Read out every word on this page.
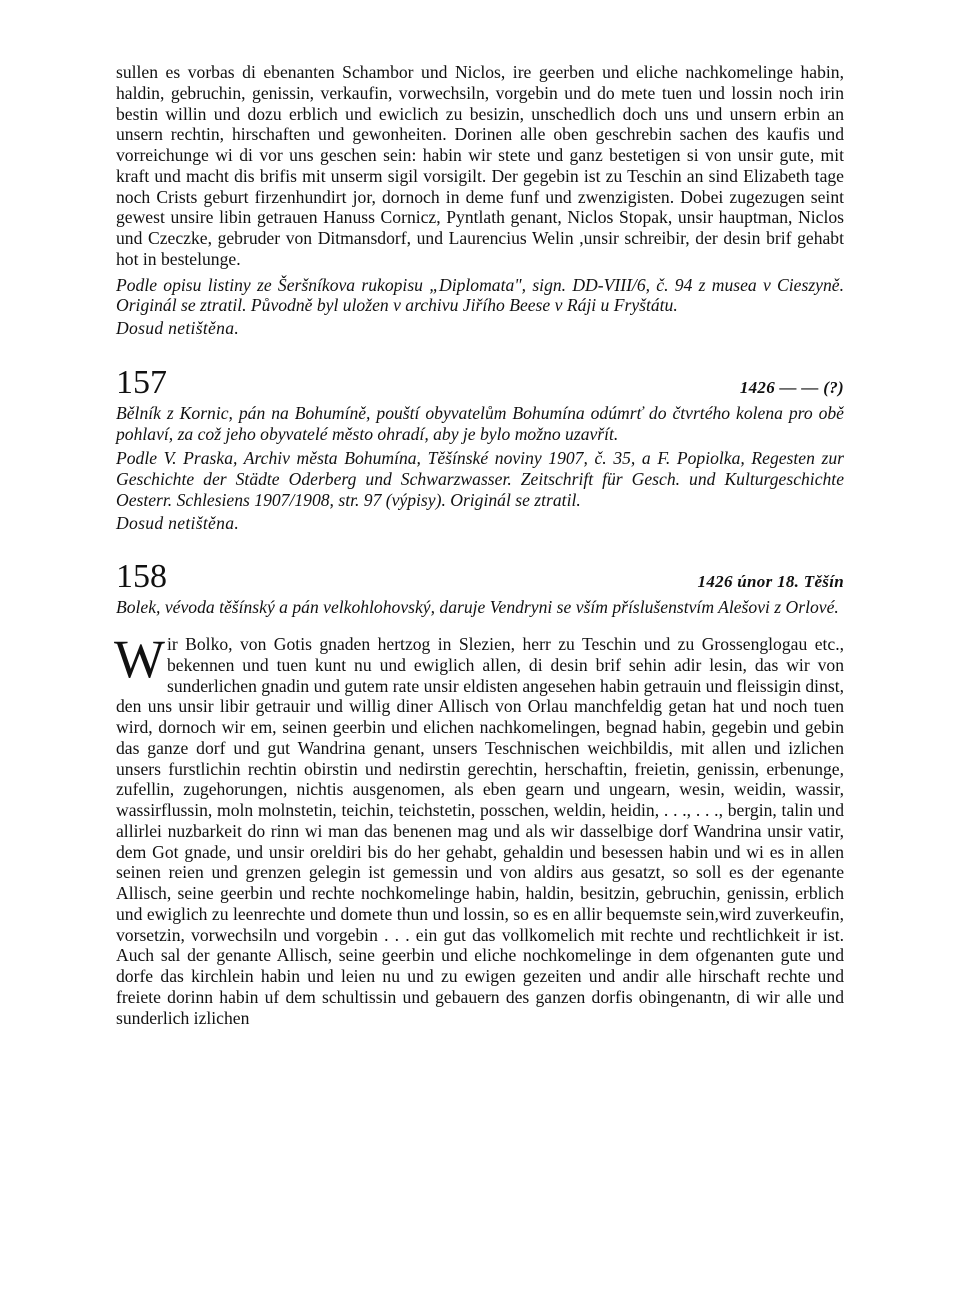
sullen es vorbas di ebenanten Schambor und Niclos, ire geerben und eliche nachkomelinge habin, haldin, gebruchin, genissin, verkaufin, vorwechsiln, vorgebin und do mete tuen und lossin noch irin bestin willin und dozu erblich und ewiclich zu besizin, unschedlich doch uns und unsern erbin an unsern rechtin, hirschaften und gewonheiten. Dorinen alle oben geschrebin sachen des kaufis und vorreichunge wi di vor uns geschen sein: habin wir stete und ganz bestetigen si von unsir gute, mit kraft und macht dis brifis mit unserm sigil vorsigilt. Der gegebin ist zu Teschin an sind Elizabeth tage noch Crists geburt firzenhundirt jor, dornoch in deme funf und zwenzigisten. Dobei zugezugen seint gewest unsire libin getrauen Hanuss Cornicz, Pyntlath genant, Niclos Stopak, unsir hauptman, Niclos und Czeczke, gebruder von Ditmansdorf, und Laurencius Welin ,unsir schreibir, der desin brif gehabt hot in bestelunge.

Podle opisu listiny ze Šeršníkova rukopisu „Diplomata", sign. DD-VIII/6, č. 94 z musea v Cieszyně. Originál se ztratil. Původně byl uložen v archivu Jiřího Beese v Ráji u Fryštátu.

Dosud netištěna.

157	1426 — — (?)

Bělník z Kornic, pán na Bohumíně, pouští obyvatelům Bohumína odúmrť do čtvrtého kolena pro obě pohlaví, za což jeho obyvatelé město ohradí, aby je bylo možno uzavřít.

Podle V. Praska, Archiv města Bohumína, Těšínské noviny 1907, č. 35, a F. Popiolka, Regesten zur Geschichte der Städte Oderberg und Schwarzwasser. Zeitschrift für Gesch. und Kulturgeschichte Oesterr. Schlesiens 1907/1908, str. 97 (výpisy). Originál se ztratil.

Dosud netištěna.

158	1426 únor 18. Těšín

Bolek, vévoda těšínský a pán velkohlohovský, daruje Vendryni se vším příslušenstvím Alešovi z Orlové.

W ir Bolko, von Gotis gnaden hertzog in Slezien, herr zu Teschin und zu Grossenglogau etc., bekennen und tuen kunt nu und ewiglich allen, di desin brif sehin adir lesin, das wir von sunderlichen gnadin und gutem rate unsir eldisten angesehen habin getrauin und fleissigin dinst, den uns unsir libir getrauir und willig diner Allisch von Orlau manchfeldig getan hat und noch tuen wird, dornoch wir em, seinen geerbin und elichen nachkomelingen, begnad habin, gegebin und gebin das ganze dorf und gut Wandrina genant, unsers Teschnischen weichbildis, mit allen und izlichen unsers furstlichin rechtin obirstin und nedirstin gerechtin, herschaftin, freietin, genissin, erbenunge, zufellin, zugehorungen, nichtis ausgenomen, als eben gearn und ungearn, wesin, weidin, wassir, wassirflussin, moln molnstetin, teichin, teichstetin, posschen, weldin, heidin, . . ., . . ., bergin, talin und allirlei nuzbarkeit do rinn wi man das benenen mag und als wir dasselbige dorf Wandrina unsir vatir, dem Got gnade, und unsir oreldiri bis do her gehabt, gehaldin und besessen habin und wi es in allen seinen reien und grenzen gelegin ist gemessin und von aldirs aus gesatzt, so soll es der egenante Allisch, seine geerbin und rechte nochkomelinge habin, haldin, besitzin, gebruchin, genissin, erblich und ewiglich zu leenrechte und domete thun und lossin, so es en allir bequemste sein,wird zuverkeufin, vorsetzin, vorwechsiln und vorgebin . . . ein gut das vollkomelich mit rechte und rechtlichkeit ir ist. Auch sal der genante Allisch, seine geerbin und eliche nochkomelinge in dem ofgenanten gute und dorfe das kirchlein habin und leien nu und zu ewigen gezeiten und andir alle hirschaft rechte und freiete dorinn habin uf dem schultissin und gebauern des ganzen dorfis obingenantn, di wir alle und sunderlich izlichen
